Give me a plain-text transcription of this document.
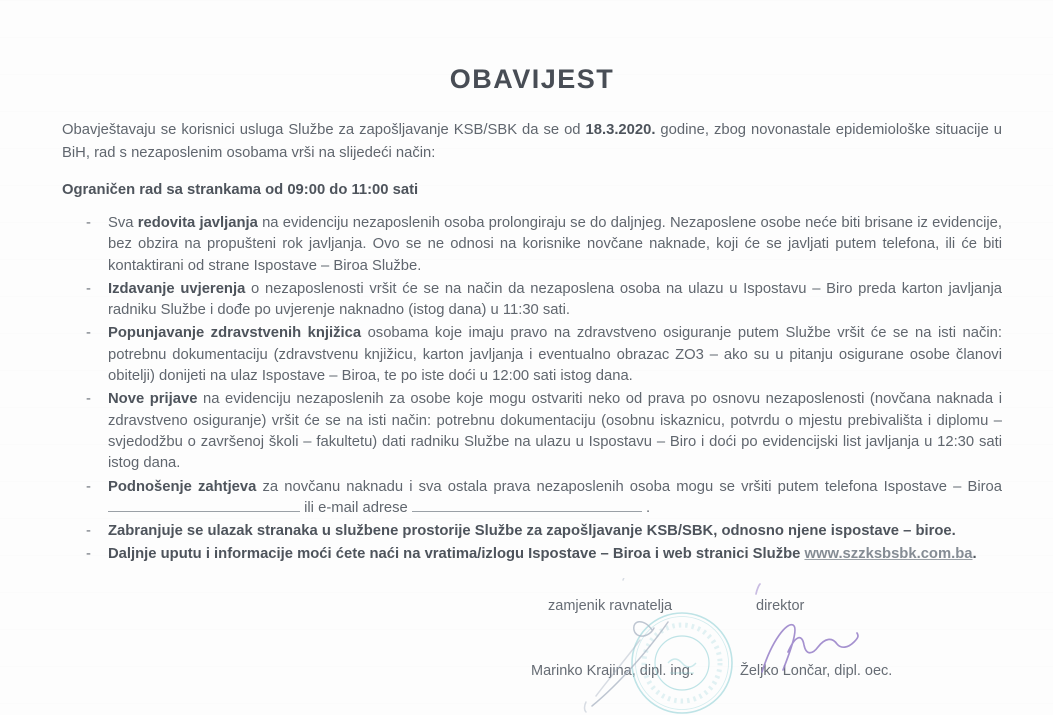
OBAVIJEST

Obavještavaju se korisnici usluga Službe za zapošljavanje KSB/SBK da se od 18.3.2020. godine, zbog novonastale epidemiološke situacije u BiH, rad s nezaposlenim osobama vrši na slijedeći način:

Ograničen rad sa strankama od 09:00 do 11:00 sati

- Sva redovita javljanja na evidenciju nezaposlenih osoba prolongiraju se do daljnjeg. Nezaposlene osobe neće biti brisane iz evidencije, bez obzira na propušteni rok javljanja. Ovo se ne odnosi na korisnike novčane naknade, koji će se javljati putem telefona, ili će biti kontaktirani od strane Ispostave – Biroa Službe.
- Izdavanje uvjerenja o nezaposlenosti vršit će se na način da nezaposlena osoba na ulazu u Ispostavu – Biro preda karton javljanja radniku Službe i dođe po uvjerenje naknadno (istog dana) u 11:30 sati.
- Popunjavanje zdravstvenih knjižica osobama koje imaju pravo na zdravstveno osiguranje putem Službe vršit će se na isti način: potrebnu dokumentaciju (zdravstvenu knjižicu, karton javljanja i eventualno obrazac ZO3 – ako su u pitanju osigurane osobe članovi obitelji) donijeti na ulaz Ispostave – Biroa, te po iste doći u 12:00 sati istog dana.
- Nove prijave na evidenciju nezaposlenih za osobe koje mogu ostvariti neko od prava po osnovu nezaposlenosti (novčana naknada i zdravstveno osiguranje) vršit će se na isti način: potrebnu dokumentaciju (osobnu iskaznicu, potvrdu o mjestu prebivališta i diplomu – svjedodžbu o završenoj školi – fakultetu) dati radniku Službe na ulazu u Ispostavu – Biro i doći po evidencijski list javljanja u 12:30 sati istog dana.
- Podnošenje zahtjeva za novčanu naknadu i sva ostala prava nezaposlenih osoba mogu se vršiti putem telefona Ispostave – Biroa  ili e-mail adrese	.
- Zabranjuje se ulazak stranaka u službene prostorije Službe za zapošljavanje KSB/SBK, odnosno njene ispostave – biroe.
- Daljnje uputu i informacije moći ćete naći na vratima/izlogu Ispostave – Biroa i web stranici Službe www.szzksbsbk.com.ba.
zamjenik ravnatelja	direktor
Marinko Krajina, dipl. ing.	Željko Lončar, dipl. oec.
